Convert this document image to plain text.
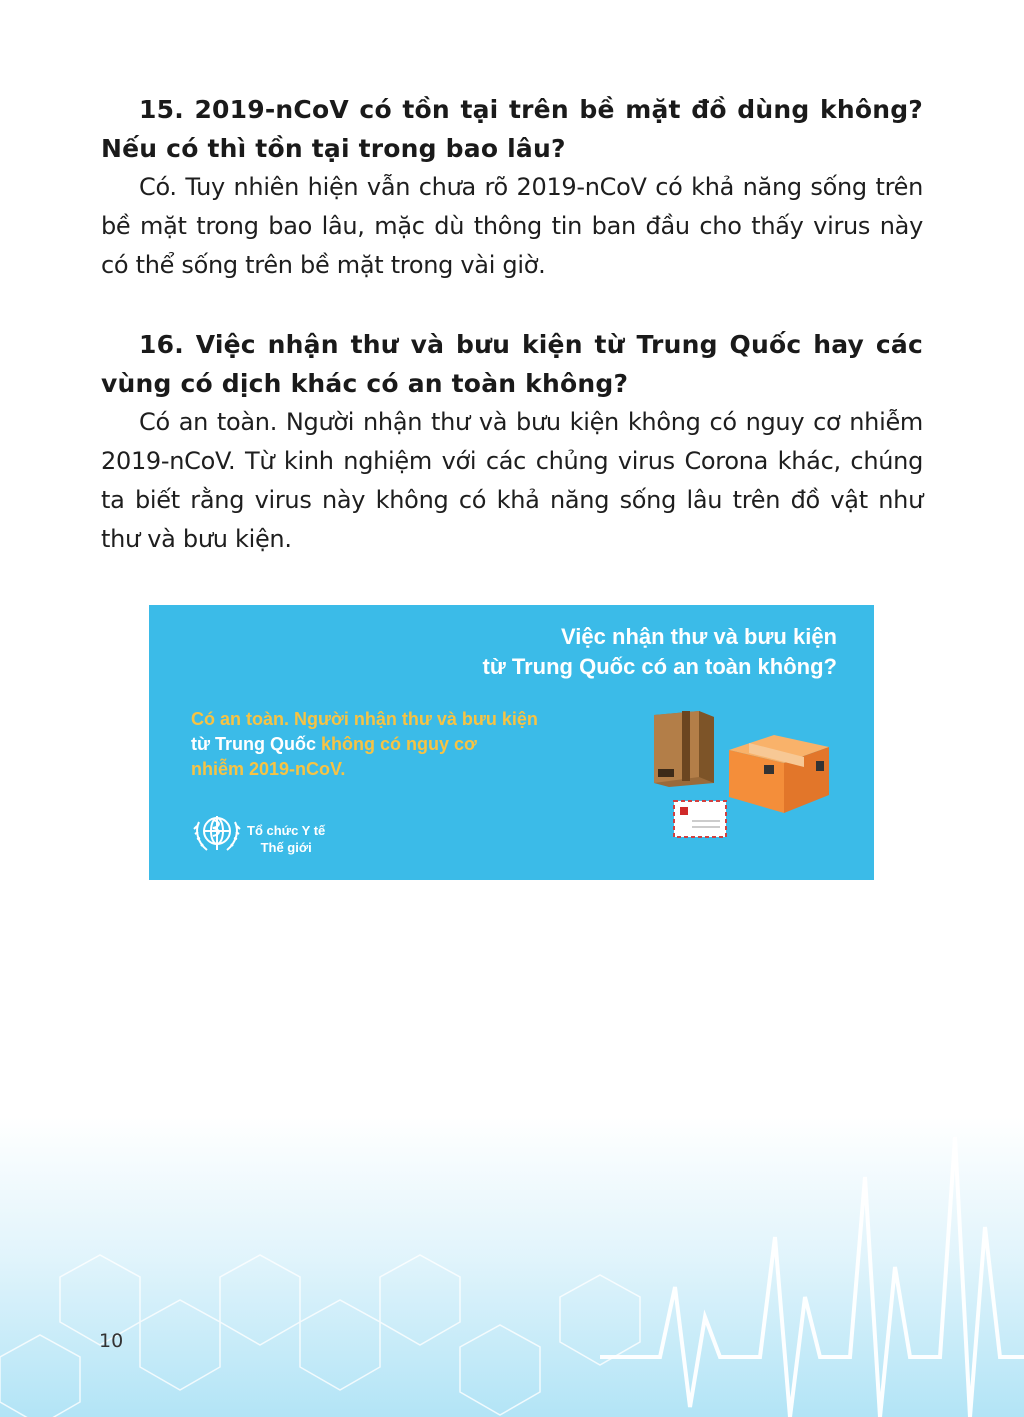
15. 2019-nCoV có tồn tại trên bề mặt đồ dùng không? Nếu có thì tồn tại trong bao lâu?

Có. Tuy nhiên hiện vẫn chưa rõ 2019-nCoV có khả năng sống trên bề mặt trong bao lâu, mặc dù thông tin ban đầu cho thấy virus này có thể sống trên bề mặt trong vài giờ.

16. Việc nhận thư và bưu kiện từ Trung Quốc hay các vùng có dịch khác có an toàn không?

Có an toàn. Người nhận thư và bưu kiện không có nguy cơ nhiễm 2019-nCoV. Từ kinh nghiệm với các chủng virus Corona khác, chúng ta biết rằng virus này không có khả năng sống lâu trên đồ vật như thư và bưu kiện.

Việc nhận thư và bưu kiện
từ Trung Quốc có an toàn không?
Có an toàn. Người nhận thư và bưu kiện
từ Trung Quốc không có nguy cơ
nhiễm 2019-nCoV.
Tổ chức Y tế
Thế giới
10
